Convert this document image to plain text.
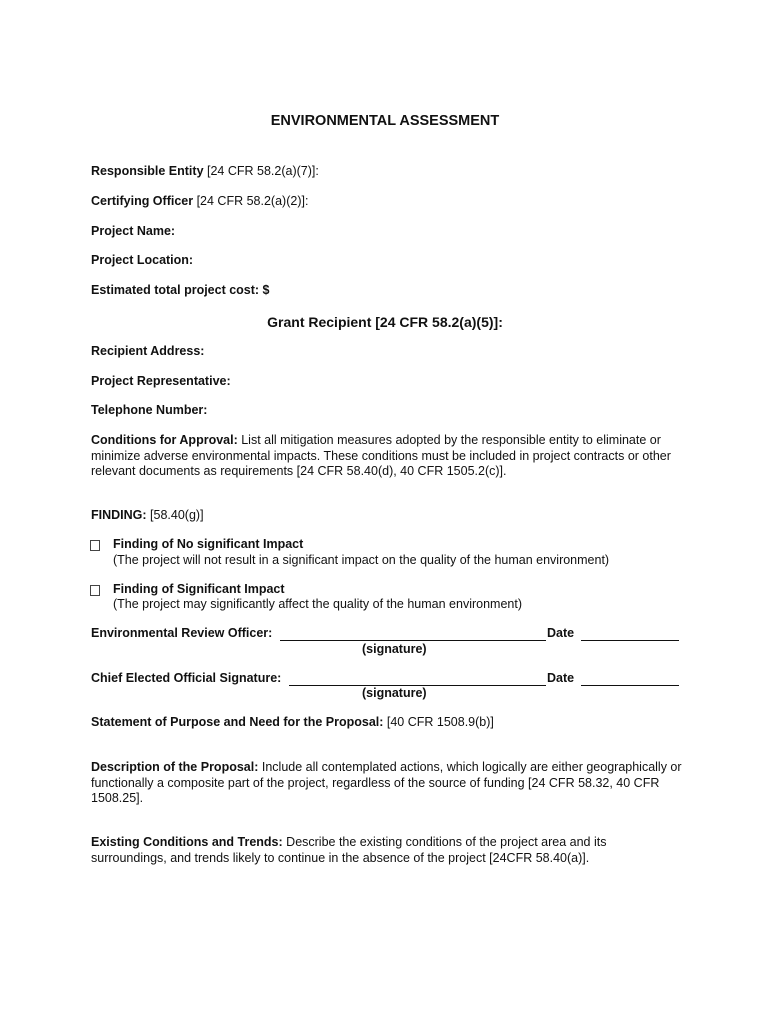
ENVIRONMENTAL ASSESSMENT
Responsible Entity [24 CFR 58.2(a)(7)]:
Certifying Officer [24 CFR 58.2(a)(2)]:
Project Name:
Project Location:
Estimated total project cost: $
Grant Recipient [24 CFR 58.2(a)(5)]:
Recipient Address:
Project Representative:
Telephone Number:
Conditions for Approval: List all mitigation measures adopted by the responsible entity to eliminate or minimize adverse environmental impacts. These conditions must be included in project contracts or other relevant documents as requirements [24 CFR 58.40(d), 40 CFR 1505.2(c)].
FINDING: [58.40(g)]
Finding of No significant Impact
(The project will not result in a significant impact on the quality of the human environment)
Finding of Significant Impact
(The project may significantly affect the quality of the human environment)
Environmental Review Officer:	Date
(signature)
Chief Elected Official Signature:	Date
(signature)
Statement of Purpose and Need for the Proposal: [40 CFR 1508.9(b)]
Description of the Proposal: Include all contemplated actions, which logically are either geographically or functionally a composite part of the project, regardless of the source of funding [24 CFR 58.32, 40 CFR 1508.25].
Existing Conditions and Trends: Describe the existing conditions of the project area and its surroundings, and trends likely to continue in the absence of the project [24CFR 58.40(a)].
